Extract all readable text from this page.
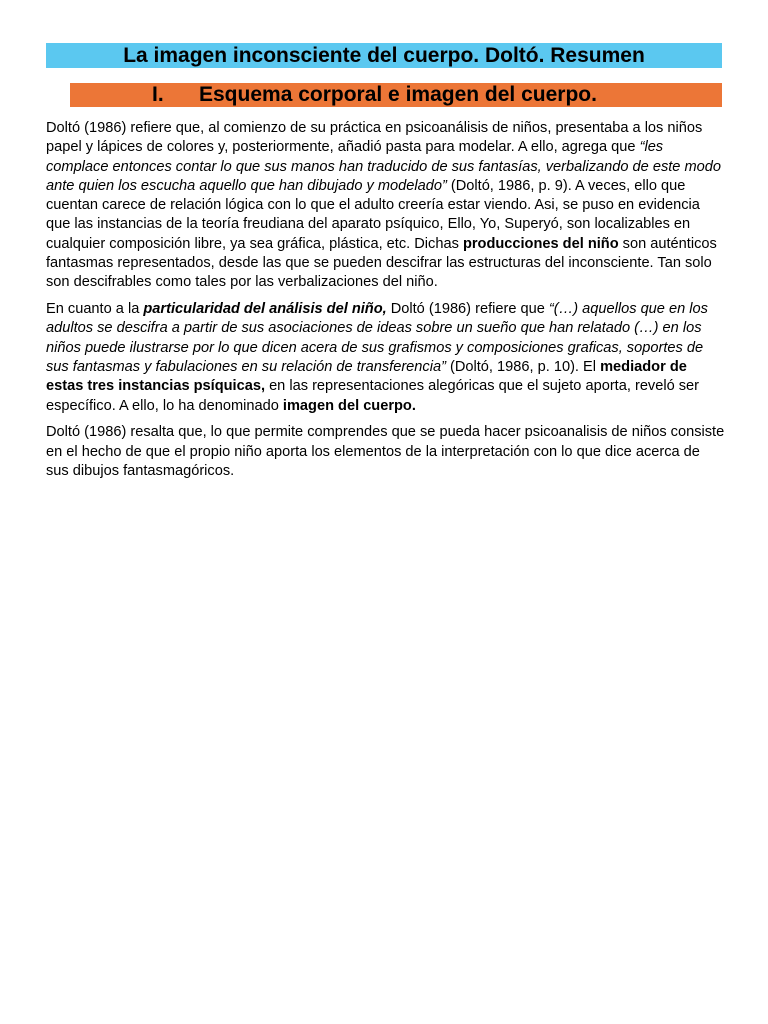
La imagen inconsciente del cuerpo. Doltó. Resumen
I.	Esquema corporal e imagen del cuerpo.

Doltó (1986) refiere que, al comienzo de su práctica en psicoanálisis de niños, presentaba a los niños papel y lápices de colores y, posteriormente, añadió pasta para modelar. A ello, agrega que “les complace entonces contar lo que sus manos han traducido de sus fantasías, verbalizando de este modo ante quien los escucha aquello que han dibujado y modelado” (Doltó, 1986, p. 9). A veces, ello que cuentan carece de relación lógica con lo que el adulto creería estar viendo. Asi, se puso en evidencia que las instancias de la teoría freudiana del aparato psíquico, Ello, Yo, Superyó, son localizables en cualquier composición libre, ya sea gráfica, plástica, etc. Dichas producciones del niño son auténticos fantasmas representados, desde las que se pueden descifrar las estructuras del inconsciente. Tan solo son descifrables como tales por las verbalizaciones del niño.

En cuanto a la particularidad del análisis del niño, Doltó (1986) refiere que “(…) aquellos que en los adultos se descifra a partir de sus asociaciones de ideas sobre un sueño que han relatado (…) en los niños puede ilustrarse por lo que dicen acera de sus grafismos y composiciones graficas, soportes de sus fantasmas y fabulaciones en su relación de transferencia” (Doltó, 1986, p. 10). El mediador de estas tres instancias psíquicas, en las representaciones alegóricas que el sujeto aporta, reveló ser específico. A ello, lo ha denominado imagen del cuerpo.

Doltó (1986) resalta que, lo que permite comprendes que se pueda hacer psicoanalisis de niños consiste en el hecho de que el propio niño aporta los elementos de la interpretación con lo que dice acerca de sus dibujos fantasmagóricos.
